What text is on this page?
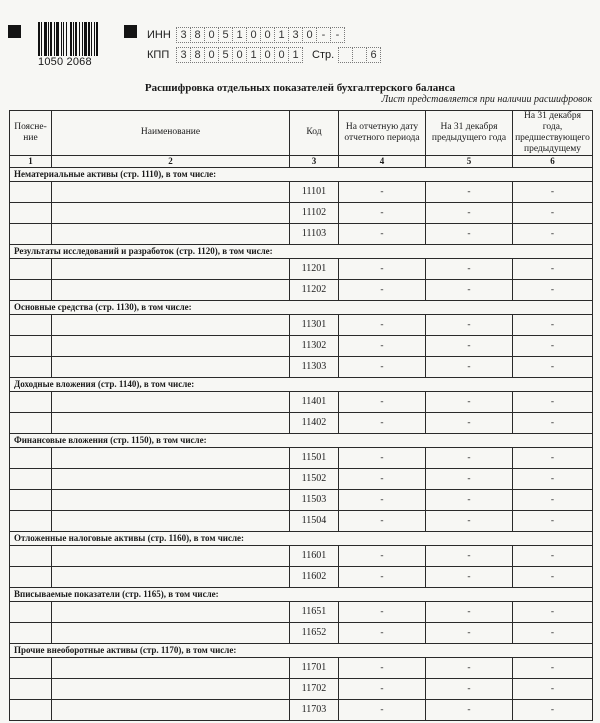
1050 2068
ИНН 3 8 0 5 1 0 0 1 3 0 - -
КПП	3 8 0 5 0 1 0 0 1	Стр.	6
Расшифровка отдельных показателей бухгалтерского баланса
Лист представляется при наличии расшифровок
Поясне-
ние	Наименование	Код	На отчетную дату отчетного периода	На 31 декабря предыдущего года	На 31 декабря года, предшествующего предыдущему
1	2	3	4	5	6
Нематериальные активы (стр. 1110), в том числе:					
		11101	-	-	-
		11102	-	-	-
		11103	-	-	-
Результаты исследований и разработок (стр. 1120), в том числе:					
		11201	-	-	-
		11202	-	-	-
Основные средства (стр. 1130), в том числе:					
		11301	-	-	-
		11302	-	-	-
		11303	-	-	-
Доходные вложения (стр. 1140), в том числе:					
		11401	-	-	-
		11402	-	-	-
Финансовые вложения (стр. 1150), в том числе:					
		11501	-	-	-
		11502	-	-	-
		11503	-	-	-
		11504	-	-	-
Отложенные налоговые активы (стр. 1160), в том числе:					
		11601	-	-	-
		11602	-	-	-
Вписываемые показатели (стр. 1165), в том числе:					
		11651	-	-	-
		11652	-	-	-
Прочие внеоборотные активы (стр. 1170), в том числе:					
		11701	-	-	-
		11702	-	-	-
		11703	-	-	-
